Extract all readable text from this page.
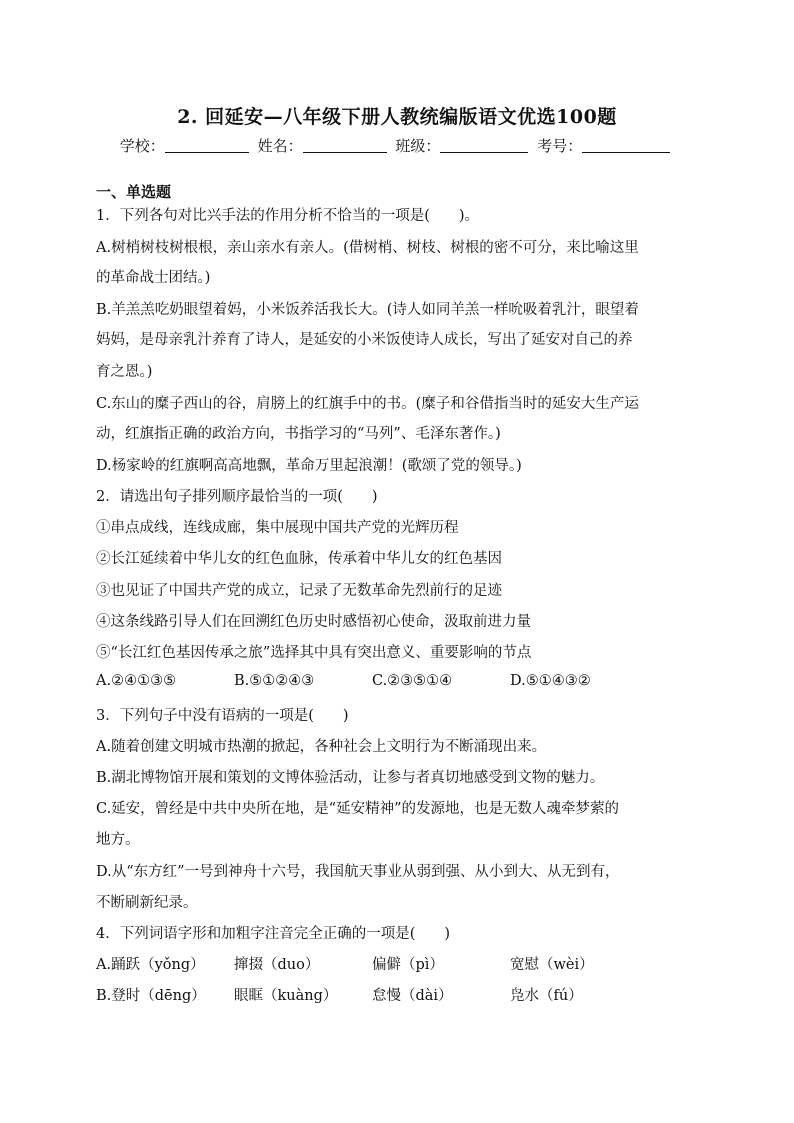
2. 回延安—八年级下册人教统编版语文优选100题
学校：	姓名：	班级：	考号：
一、单选题
1．下列各句对比兴手法的作用分析不恰当的一项是(　　)。
A.树梢树枝树根根，亲山亲水有亲人。(借树梢、树枝、树根的密不可分，来比喻这里
的革命战士团结。)
B.羊羔羔吃奶眼望着妈，小米饭养活我长大。(诗人如同羊羔一样吮吸着乳汁，眼望着
妈妈，是母亲乳汁养育了诗人，是延安的小米饭使诗人成长，写出了延安对自己的养
育之恩。)
C.东山的糜子西山的谷，肩膀上的红旗手中的书。(糜子和谷借指当时的延安大生产运
动，红旗指正确的政治方向，书指学习的“马列”、毛泽东著作。)
D.杨家岭的红旗啊高高地飘，革命万里起浪潮！(歌颂了党的领导。)
2．请选出句子排列顺序最恰当的一项(　　)
①串点成线，连线成廊，集中展现中国共产党的光辉历程
②长江延续着中华儿女的红色血脉，传承着中华儿女的红色基因
③也见证了中国共产党的成立，记录了无数革命先烈前行的足迹
④这条线路引导人们在回溯红色历史时感悟初心使命，汲取前进力量
⑤“长江红色基因传承之旅”选择其中具有突出意义、重要影响的节点
A.②④①③⑤	B.⑤①②④③	C.②③⑤①④	D.⑤①④③②
3．下列句子中没有语病的一项是(　　)
A.随着创建文明城市热潮的掀起，各种社会上文明行为不断涌现出来。
B.湖北博物馆开展和策划的文博体验活动，让参与者真切地感受到文物的魅力。
C.延安，曾经是中共中央所在地，是“延安精神”的发源地，也是无数人魂牵梦萦的
地方。
D.从“东方红”一号到神舟十六号，我国航天事业从弱到强、从小到大、从无到有，
不断刷新纪录。
4．下列词语字形和加粗字注音完全正确的一项是(　　)
A.踊跃（yǒng） 撺掇（duo）	偏僻（pì）	宽慰（wèi）
B.登时（dēng） 眼眶（kuàng） 怠慢（dài）	凫水（fú）
